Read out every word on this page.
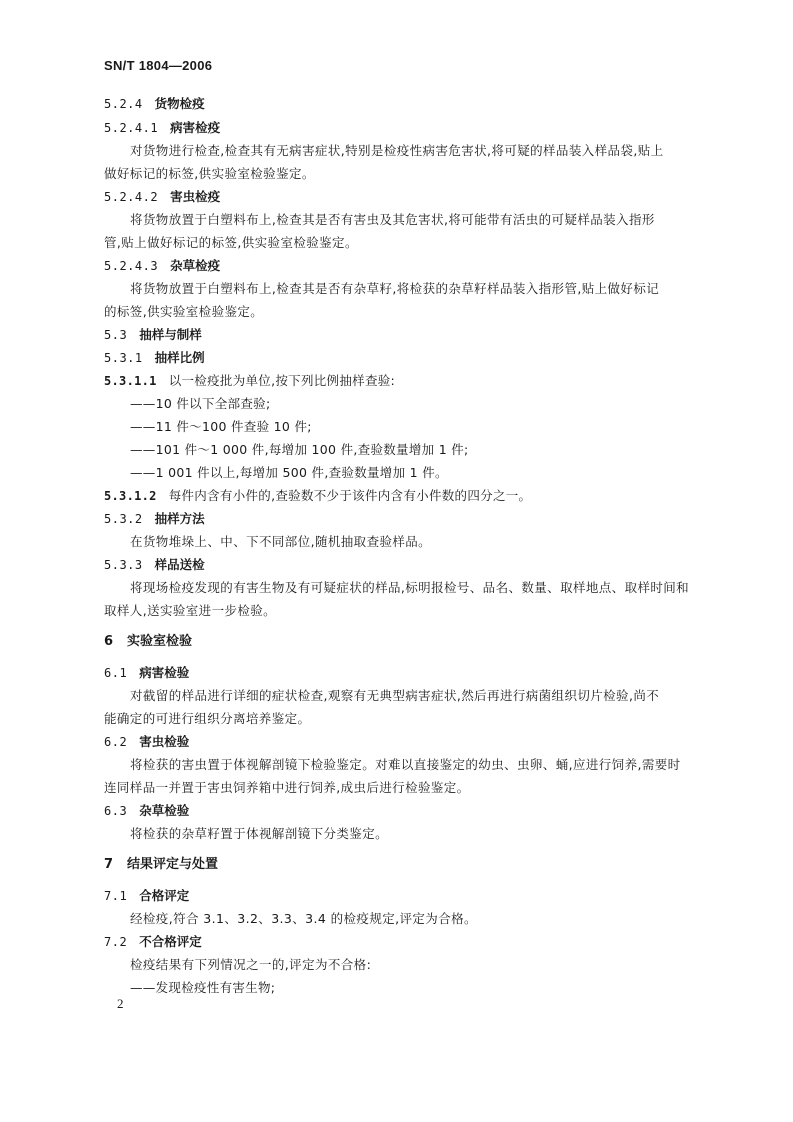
SN/T 1804—2006
5.2.4 货物检疫
5.2.4.1 病害检疫
对货物进行检查,检查其有无病害症状,特别是检疫性病害危害状,将可疑的样品装入样品袋,贴上
做好标记的标签,供实验室检验鉴定。
5.2.4.2 害虫检疫
将货物放置于白塑料布上,检查其是否有害虫及其危害状,将可能带有活虫的可疑样品装入指形
管,贴上做好标记的标签,供实验室检验鉴定。
5.2.4.3 杂草检疫
将货物放置于白塑料布上,检查其是否有杂草籽,将检获的杂草籽样品装入指形管,贴上做好标记
的标签,供实验室检验鉴定。
5.3 抽样与制样
5.3.1 抽样比例
5.3.1.1 以一检疫批为单位,按下列比例抽样查验:
——10 件以下全部查验;
——11 件～100 件查验 10 件;
——101 件～1 000 件,每增加 100 件,查验数量增加 1 件;
——1 001 件以上,每增加 500 件,查验数量增加 1 件。
5.3.1.2 每件内含有小件的,查验数不少于该件内含有小件数的四分之一。
5.3.2 抽样方法
在货物堆垛上、中、下不同部位,随机抽取查验样品。
5.3.3 样品送检
将现场检疫发现的有害生物及有可疑症状的样品,标明报检号、品名、数量、取样地点、取样时间和
取样人,送实验室进一步检验。
6 实验室检验
6.1 病害检验
对截留的样品进行详细的症状检查,观察有无典型病害症状,然后再进行病菌组织切片检验,尚不
能确定的可进行组织分离培养鉴定。
6.2 害虫检验
将检获的害虫置于体视解剖镜下检验鉴定。对难以直接鉴定的幼虫、虫卵、蛹,应进行饲养,需要时
连同样品一并置于害虫饲养箱中进行饲养,成虫后进行检验鉴定。
6.3 杂草检验
将检获的杂草籽置于体视解剖镜下分类鉴定。
7 结果评定与处置
7.1 合格评定
经检疫,符合 3.1、3.2、3.3、3.4 的检疫规定,评定为合格。
7.2 不合格评定
检疫结果有下列情况之一的,评定为不合格:
——发现检疫性有害生物;
2
